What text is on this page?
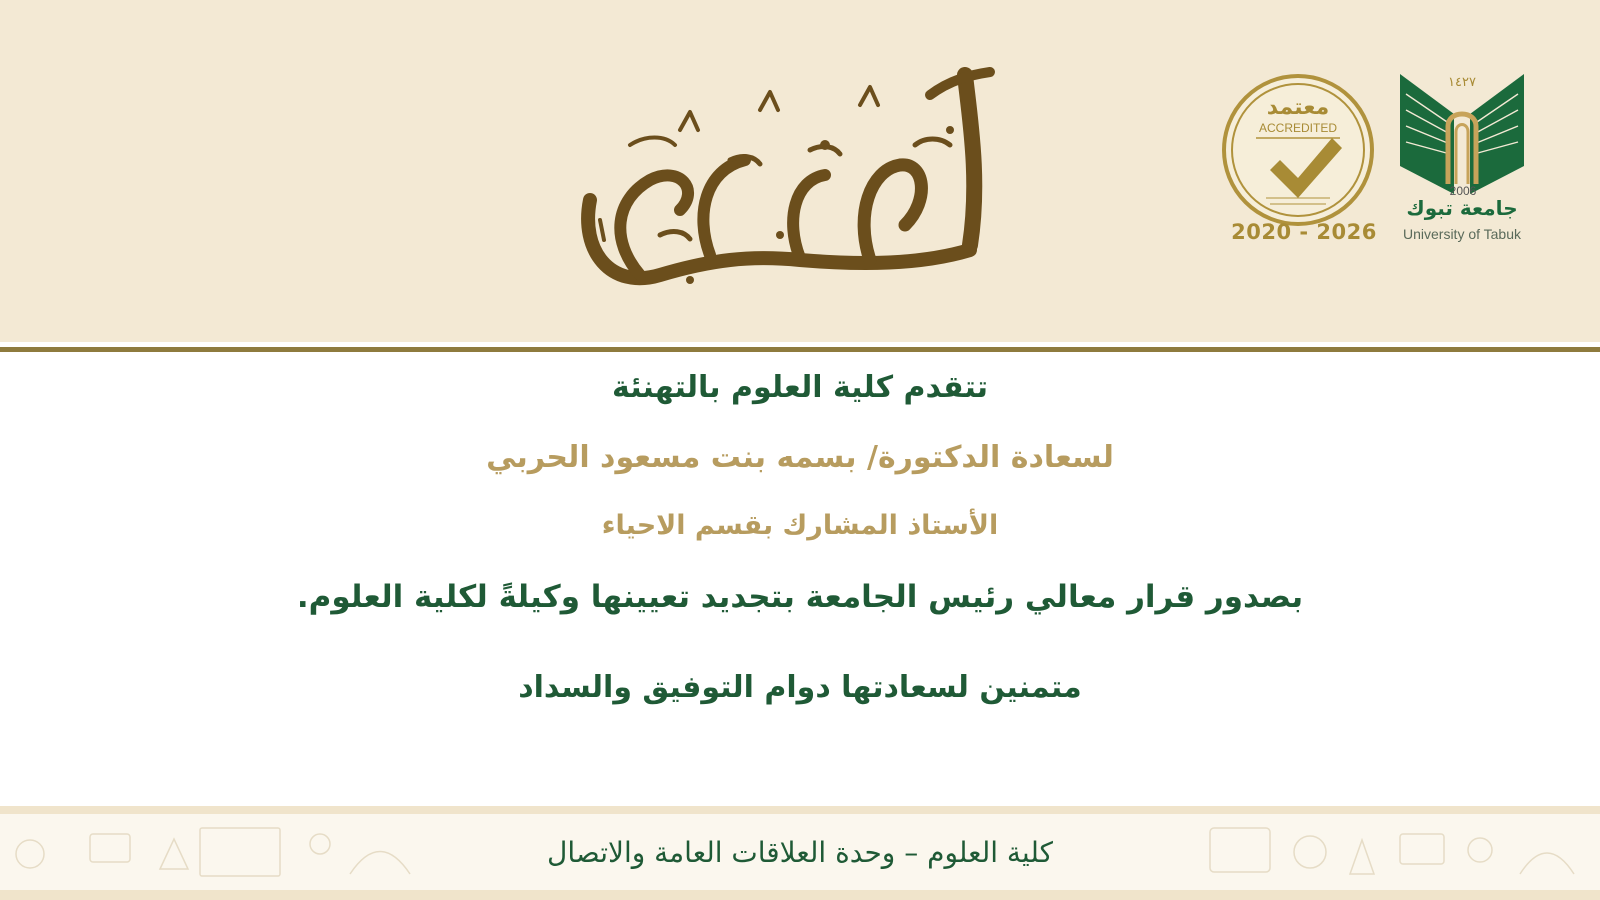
معتمد
ACCREDITED
2020 - 2026
١٤٢٧
2006
جامعة تبوك
University of Tabuk
تتقدم كلية العلوم بالتهنئة
لسعادة الدكتورة/ بسمه بنت مسعود الحربي
الأستاذ المشارك بقسم الاحياء
بصدور قرار معالي رئيس الجامعة بتجديد تعيينها وكيلةً لكلية العلوم.
متمنين لسعادتها دوام التوفيق والسداد
كلية العلوم – وحدة العلاقات العامة والاتصال
